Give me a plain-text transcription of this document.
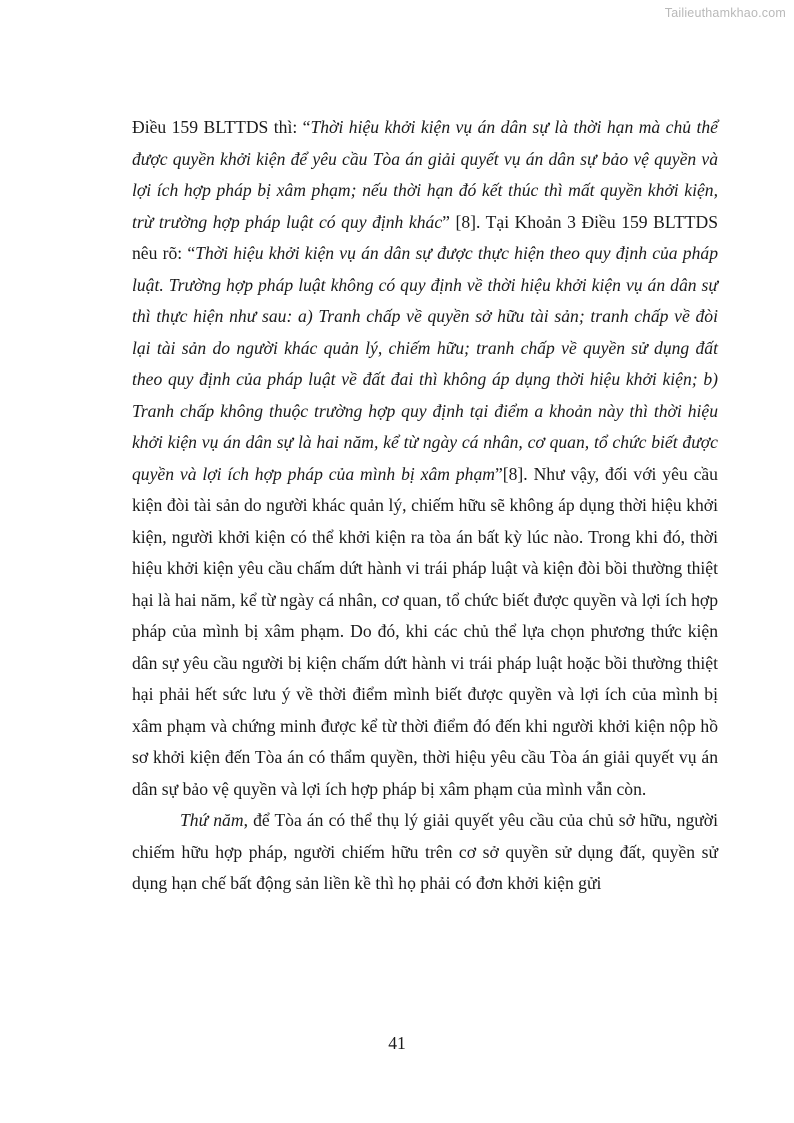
Tailieuthamkhao.com

Điều 159 BLTTDS thì: “Thời hiệu khởi kiện vụ án dân sự là thời hạn mà chủ thể được quyền khởi kiện để yêu cầu Tòa án giải quyết vụ án dân sự bảo vệ quyền và lợi ích hợp pháp bị xâm phạm; nếu thời hạn đó kết thúc thì mất quyền khởi kiện, trừ trường hợp pháp luật có quy định khác” [8]. Tại Khoản 3 Điều 159 BLTTDS nêu rõ: “Thời hiệu khởi kiện vụ án dân sự được thực hiện theo quy định của pháp luật. Trường hợp pháp luật không có quy định về thời hiệu khởi kiện vụ án dân sự thì thực hiện như sau: a) Tranh chấp về quyền sở hữu tài sản; tranh chấp về đòi lại tài sản do người khác quản lý, chiếm hữu; tranh chấp về quyền sử dụng đất theo quy định của pháp luật về đất đai thì không áp dụng thời hiệu khởi kiện; b) Tranh chấp không thuộc trường hợp quy định tại điểm a khoản này thì thời hiệu khởi kiện vụ án dân sự là hai năm, kể từ ngày cá nhân, cơ quan, tổ chức biết được quyền và lợi ích hợp pháp của mình bị xâm phạm”[8]. Như vậy, đối với yêu cầu kiện đòi tài sản do người khác quản lý, chiếm hữu sẽ không áp dụng thời hiệu khởi kiện, người khởi kiện có thể khởi kiện ra tòa án bất kỳ lúc nào. Trong khi đó, thời hiệu khởi kiện yêu cầu chấm dứt hành vi trái pháp luật và kiện đòi bồi thường thiệt hại là hai năm, kể từ ngày cá nhân, cơ quan, tổ chức biết được quyền và lợi ích hợp pháp của mình bị xâm phạm. Do đó, khi các chủ thể lựa chọn phương thức kiện dân sự yêu cầu người bị kiện chấm dứt hành vi trái pháp luật hoặc bồi thường thiệt hại phải hết sức lưu ý về thời điểm mình biết được quyền và lợi ích của mình bị xâm phạm và chứng minh được kể từ thời điểm đó đến khi người khởi kiện nộp hồ sơ khởi kiện đến Tòa án có thẩm quyền, thời hiệu yêu cầu Tòa án giải quyết vụ án dân sự bảo vệ quyền và lợi ích hợp pháp bị xâm phạm của mình vẫn còn.

Thứ năm, để Tòa án có thể thụ lý giải quyết yêu cầu của chủ sở hữu, người chiếm hữu hợp pháp, người chiếm hữu trên cơ sở quyền sử dụng đất, quyền sử dụng hạn chế bất động sản liền kề thì họ phải có đơn khởi kiện gửi

41
